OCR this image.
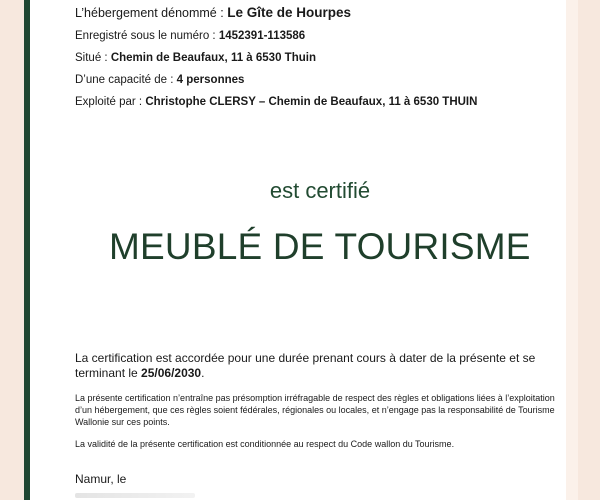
L’hébergement dénommé : Le Gîte de Hourpes
Enregistré sous le numéro : 1452391-113586
Situé : Chemin de Beaufaux, 11 à 6530 Thuin
D’une capacité de : 4 personnes
Exploité par : Christophe CLERSY – Chemin de Beaufaux, 11 à 6530 THUIN
est certifié
MEUBLÉ DE TOURISME
La certification est accordée pour une durée prenant cours à dater de la présente et se terminant le 25/06/2030.
La présente certification n’entraîne pas présomption irréfragable de respect des règles et obligations liées à l’exploitation d’un hébergement, que ces règles soient fédérales, régionales ou locales, et n’engage pas la responsabilité de Tourisme Wallonie sur ces points.
La validité de la présente certification est conditionnée au respect du Code wallon du Tourisme.
Namur, le
